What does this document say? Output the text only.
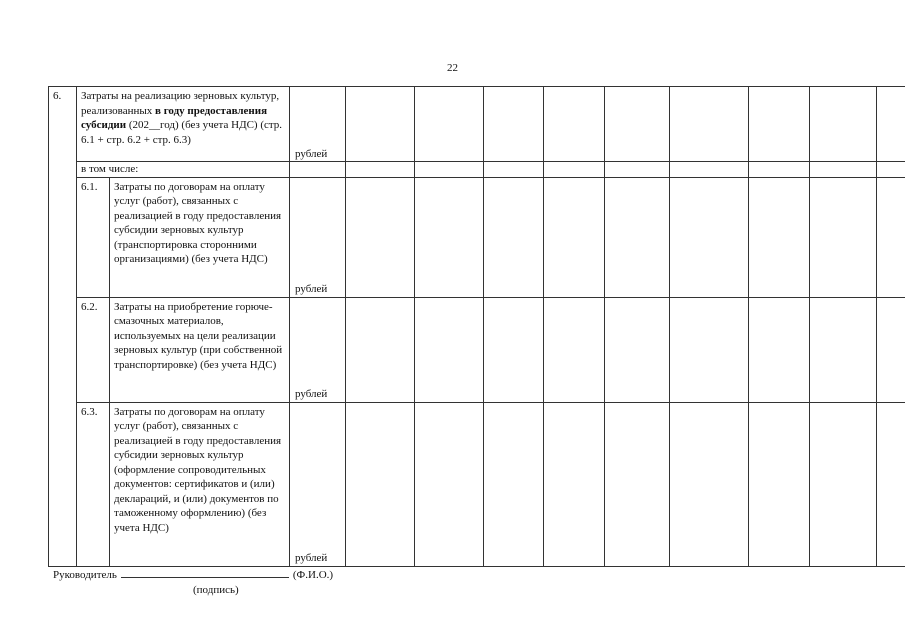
22
6.	Затраты на реализацию зерновых культур, реализованных в году предоставления субсидии (202__год) (без учета НДС) (стр. 6.1 + стр. 6.2 + стр. 6.3)		рублей									
	в том числе:											
	6.1.	Затраты по договорам на оплату услуг (работ), связанных с реализацией в году предоставления субсидии зерновых культур (транспортировка сторонними организациями) (без учета НДС)	рублей									
	6.2.	Затраты на приобретение горюче-смазочных материалов, используемых на цели реализации зерновых культур (при собственной транспортировке) (без учета НДС)	рублей									
	6.3.	Затраты по договорам на оплату услуг (работ), связанных с реализацией в году предоставления субсидии зерновых культур (оформление сопроводительных документов: сертификатов и (или) деклараций, и (или) документов по таможенному оформлению) (без учета НДС)	рублей									
Руководитель	(Ф.И.О.)
(подпись)
